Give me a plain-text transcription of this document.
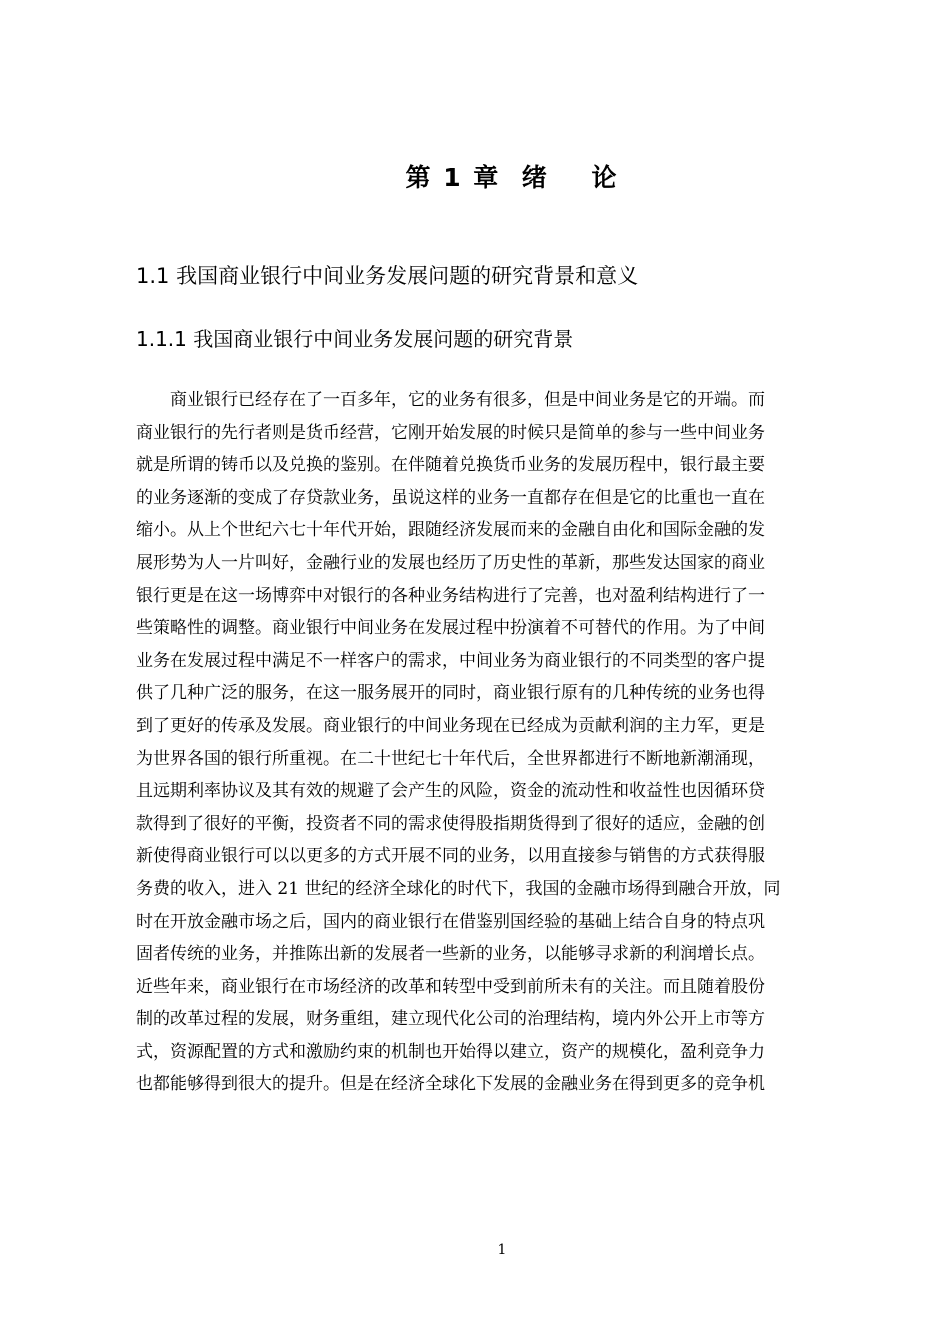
第 1 章  绪    论
1.1 我国商业银行中间业务发展问题的研究背景和意义
1.1.1 我国商业银行中间业务发展问题的研究背景
　　商业银行已经存在了一百多年，它的业务有很多，但是中间业务是它的开端。而
商业银行的先行者则是货币经营，它刚开始发展的时候只是简单的参与一些中间业务
就是所谓的铸币以及兑换的鉴别。在伴随着兑换货币业务的发展历程中，银行最主要
的业务逐渐的变成了存贷款业务，虽说这样的业务一直都存在但是它的比重也一直在
缩小。从上个世纪六七十年代开始，跟随经济发展而来的金融自由化和国际金融的发
展形势为人一片叫好，金融行业的发展也经历了历史性的革新，那些发达国家的商业
银行更是在这一场博弈中对银行的各种业务结构进行了完善，也对盈利结构进行了一
些策略性的调整。商业银行中间业务在发展过程中扮演着不可替代的作用。为了中间
业务在发展过程中满足不一样客户的需求，中间业务为商业银行的不同类型的客户提
供了几种广泛的服务，在这一服务展开的同时，商业银行原有的几种传统的业务也得
到了更好的传承及发展。商业银行的中间业务现在已经成为贡献利润的主力军，更是
为世界各国的银行所重视。在二十世纪七十年代后，全世界都进行不断地新潮涌现，
且远期利率协议及其有效的规避了会产生的风险，资金的流动性和收益性也因循环贷
款得到了很好的平衡，投资者不同的需求使得股指期货得到了很好的适应，金融的创
新使得商业银行可以以更多的方式开展不同的业务，以用直接参与销售的方式获得服
务费的收入，进入 21 世纪的经济全球化的时代下，我国的金融市场得到融合开放，同
时在开放金融市场之后，国内的商业银行在借鉴别国经验的基础上结合自身的特点巩
固者传统的业务，并推陈出新的发展者一些新的业务，以能够寻求新的利润增长点。
近些年来，商业银行在市场经济的改革和转型中受到前所未有的关注。而且随着股份
制的改革过程的发展，财务重组，建立现代化公司的治理结构，境内外公开上市等方
式，资源配置的方式和激励约束的机制也开始得以建立，资产的规模化，盈利竞争力
也都能够得到很大的提升。但是在经济全球化下发展的金融业务在得到更多的竞争机
1
